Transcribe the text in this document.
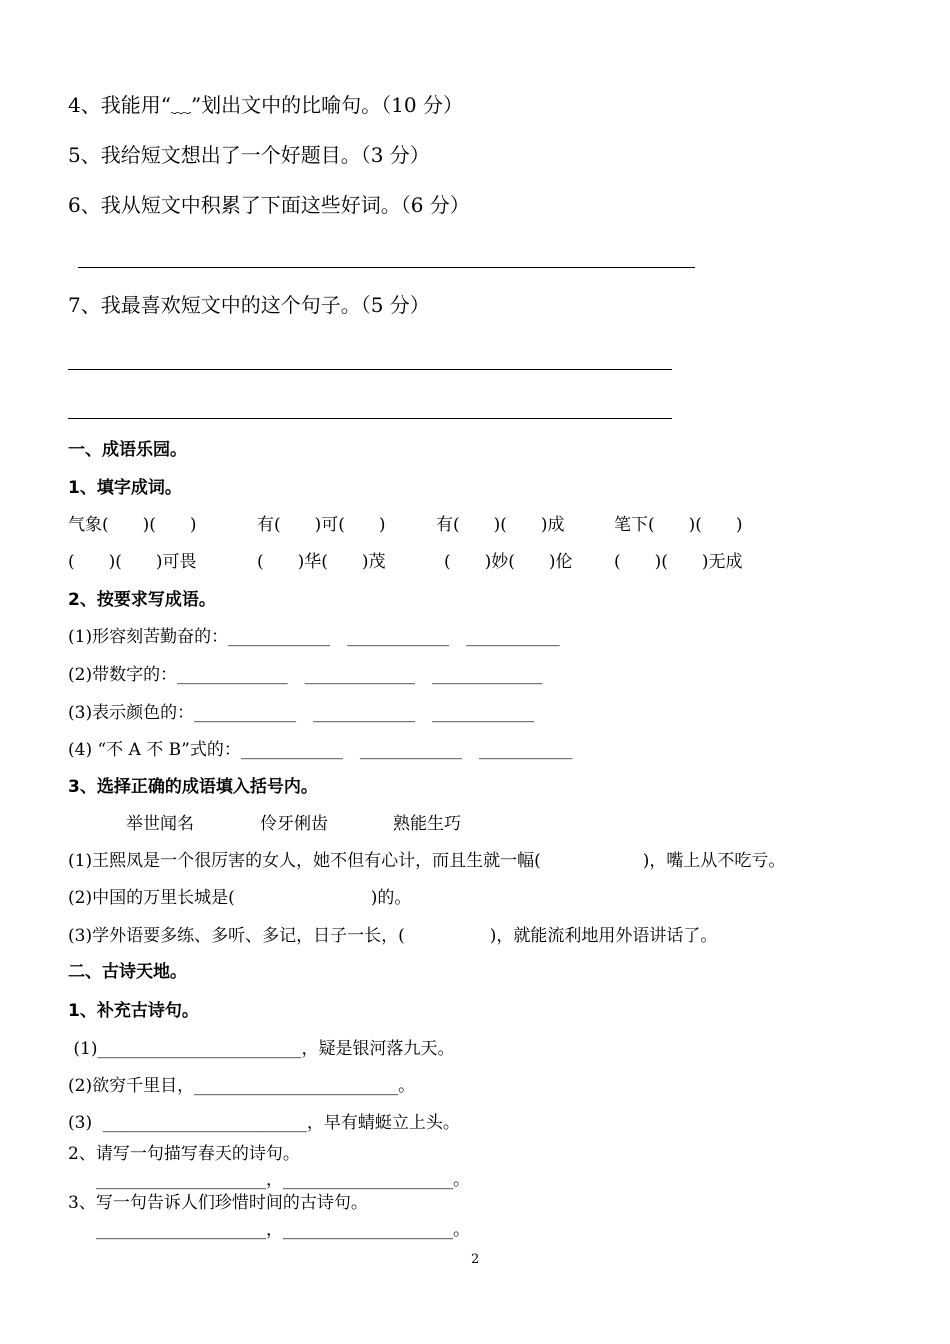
4、我能用“﹏”划出文中的比喻句。（10 分）
5、我给短文想出了一个好题目。（3 分）
6、我从短文中积累了下面这些好词。（6 分）
7、我最喜欢短文中的这个句子。（5 分）
一、成语乐园。
1、填字成词。
气象(　　)(　　)	有(　　)可(　　)	有(　　)(　　)成	笔下(　　)(　　)
(　　)(　　)可畏	(　　)华(　　)茂	(　　)妙(　　)伦 (　　)(　　)无成
2、按要求写成语。
(1)形容刻苦勤奋的：____________　____________　___________
(2)带数字的：_____________　_____________　_____________
(3)表示颜色的：____________　____________　____________
(4) “不 A 不 B”式的：____________　____________　___________
3、选择正确的成语填入括号内。
举世闻名	伶牙俐齿	熟能生巧
(1)王熙凤是一个很厉害的女人，她不但有心计，而且生就一幅(　　　　　　)，嘴上从不吃亏。
(2)中国的万里长城是(　　　　　　　　)的。
(3)学外语要多练、多听、多记，日子一长，(　　　　　)，就能流利地用外语讲话了。
二、古诗天地。
1、补充古诗句。
(1)________________________，疑是银河落九天。
(2)欲穷千里目，________________________。
(3)  ________________________，早有蜻蜓立上头。
2、请写一句描写春天的诗句。
____________________，____________________。
3、写一句告诉人们珍惜时间的古诗句。
____________________，____________________。
2
